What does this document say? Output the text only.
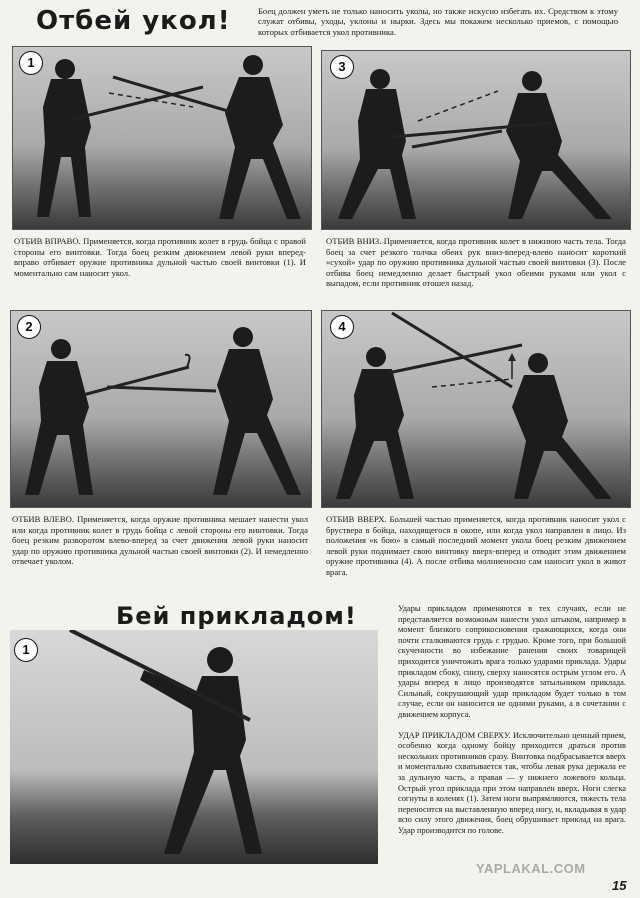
Отбей укол!	Боец должен уметь не только наносить уколы, но также искусно избегать их. Средством к этому служат отбивы, уходы, уклоны и нырки. Здесь мы покажем несколько приемов, с помощью которых отбивается укол противника.
1	3
ОТБИВ ВПРАВО. Применяется, когда противник колет в грудь бойца с правой стороны его винтовки. Тогда боец резким движением левой руки вперед-вправо отбивает оружие противника дульной частью своей винтовки (1). И моментально сам наносит укол.
ОТБИВ ВНИЗ. Применяется, когда противник колет в нижнюю часть тела. Тогда боец за счет резкого толчка обеих рук вниз-вперед-влево наносит короткий «сухой» удар по оружию противника дульной частью своей винтовки (3). После отбива боец немедленно делает быстрый укол обеими руками или укол с выпадом, если противник отошел назад.
2	4
ОТБИВ ВЛЕВО. Применяется, когда оружие противника мешает нанести укол или когда противник колет в грудь бойца с левой стороны его винтовки. Тогда боец резким разворотом влево-вперед за счет движения левой руки наносит удар по оружию противника дульной частью своей винтовки (2). И немедленно отвечает уколом.
ОТБИВ ВВЕРХ. Большей частью применяется, когда противник наносит укол с бруствера в бойца, находящегося в окопе, или когда укол направлен в лицо. Из положения «к бою» в самый последний момент укола боец резким движением левой руки поднимает свою винтовку вверх-вперед и отводит этим движением оружие противника (4). А после отбива молниеносно сам наносит укол в живот врага.
Бей прикладом!
1
Удары прикладом применяются в тех случаях, если не представляется возможным нанести укол штыком, например в момент близкого соприкосновения сражающихся, когда они почти сталкиваются грудь с грудью. Кроме того, при большой скученности во избежание ранения своих товарищей приходится уничтожать врага только ударами приклада. Удары прикладом сбоку, снизу, сверху наносятся острым углом его. А удары вперед в лицо производятся затыльником приклада. Сильный, сокрушающий удар прикладом будет только в том случае, если он наносится не одними руками, а в сочетании с движением корпуса.
УДАР ПРИКЛАДОМ СВЕРХУ. Исключительно ценный прием, особенно когда одному бойцу приходится драться против нескольких противников сразу. Винтовка подбрасывается вверх и моментально схватывается так, чтобы левая рука держала ее за дульную часть, а правая — у нижнего ложевого кольца. Острый угол приклада при этом направлен вверх. Ноги слегка согнуты в коленях (1). Затем ноги выпрямляются, тяжесть тела переносится на выставленную вперед ногу, и, вкладывая в удар всю силу этого движения, боец обрушивает приклад на врага. Удар производится по голове.
YAPLAKAL.COM
15
